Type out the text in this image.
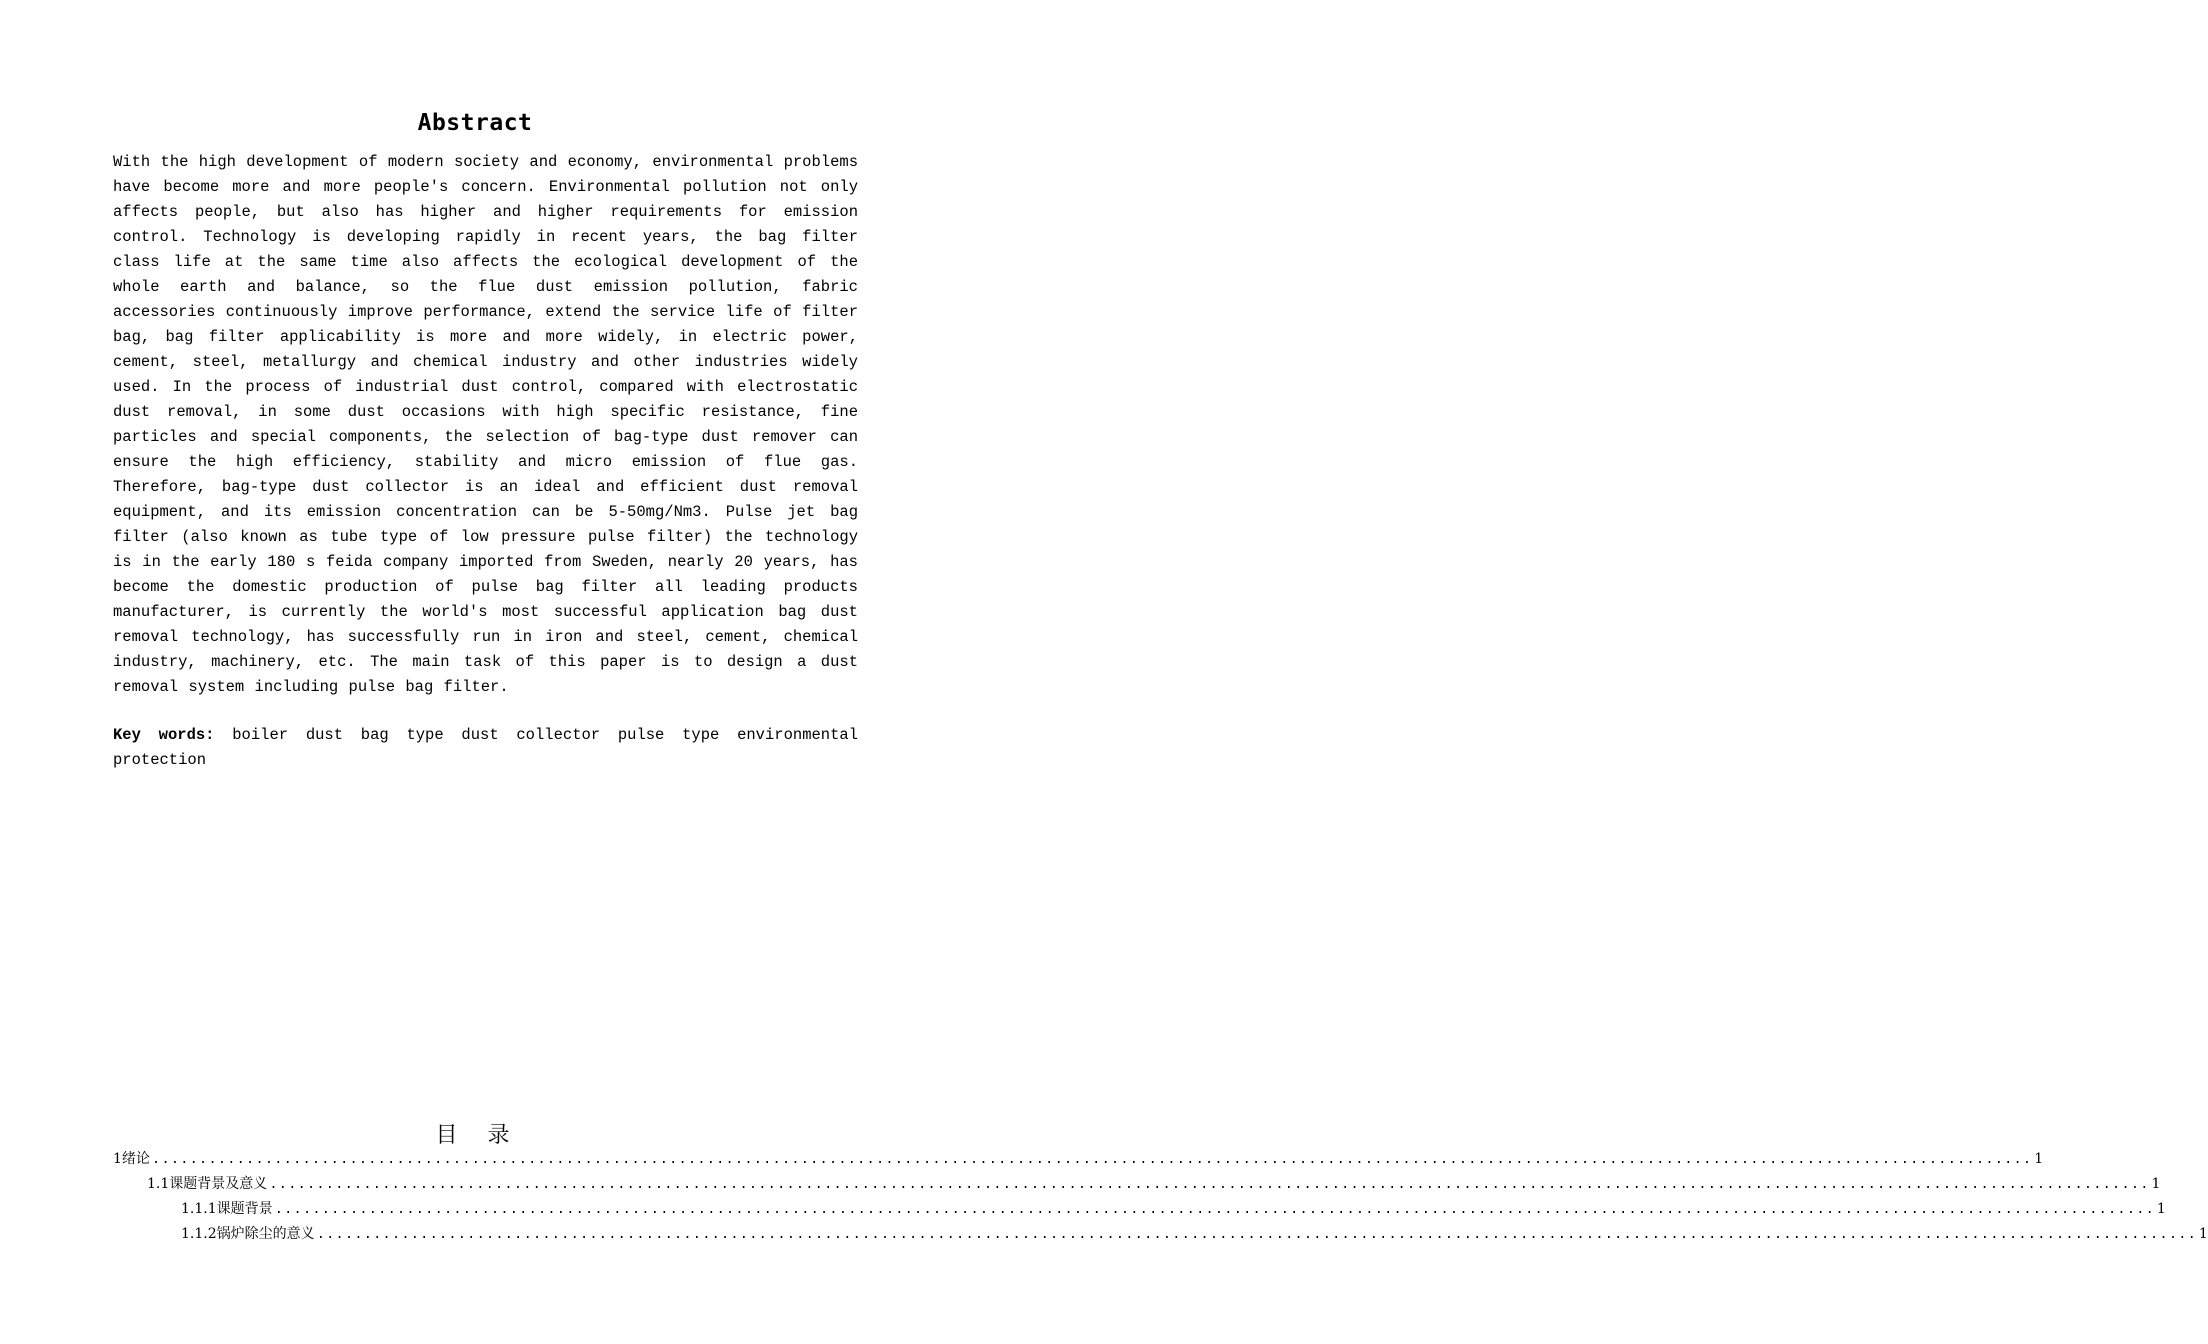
Abstract
With the high development of modern society and economy, environmental problems have become more and more people's concern. Environmental pollution not only affects people, but also has higher and higher requirements for emission control. Technology is developing rapidly in recent years, the bag filter class life at the same time also affects the ecological development of the whole earth and balance, so the flue dust emission pollution, fabric accessories continuously improve performance, extend the service life of filter bag, bag filter applicability is more and more widely, in electric power, cement, steel, metallurgy and chemical industry and other industries widely used. In the process of industrial dust control, compared with electrostatic dust removal, in some dust occasions with high specific resistance, fine particles and special components, the selection of bag-type dust remover can ensure the high efficiency, stability and micro emission of flue gas. Therefore, bag-type dust collector is an ideal and efficient dust removal equipment, and its emission concentration can be 5-50mg/Nm3. Pulse jet bag filter (also known as tube type of low pressure pulse filter) the technology is in the early 180 s feida company imported from Sweden, nearly 20 years, has become the domestic production of pulse bag filter all leading products manufacturer, is currently the world's most successful application bag dust removal technology, has successfully run in iron and steel, cement, chemical industry, machinery, etc. The main task of this paper is to design a dust removal system including pulse bag filter.
Key words: boiler dust bag type dust collector pulse type environmental protection
目录
1绪论 ........................................................................................................................................................................................................ 1
1.1课题背景及意义 ........................................................................................................................................................................................................ 1
1.1.1课题背景 ........................................................................................................................................................................................................ 1
1.1.2锅炉除尘的意义 ........................................................................................................................................................................................................ 1
